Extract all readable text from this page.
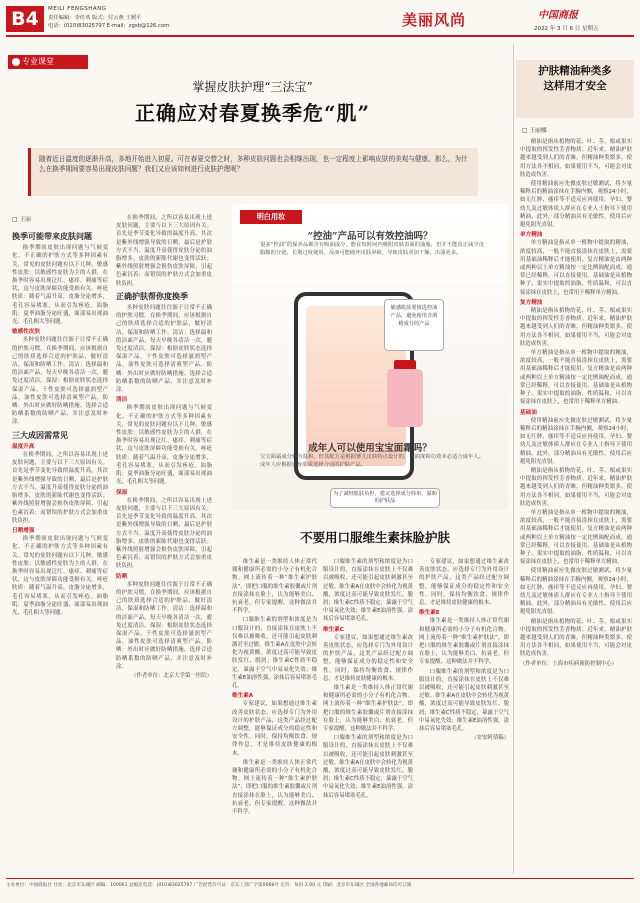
B4	MEILI FENGSHANG
责任编辑：李佳欢 版式：付云燕 王媛平
电话：(010)83025797 E-mail：zgsb@126.com	美丽风尚	中国商报
2022 年 3 月 6 日 星期五
专业课堂
掌握皮肤护理“三法宝”
正确应对春夏换季危“肌”
随着近日温度的逐渐升高，多地开始进入初夏。可在春夏交替之时，多种皮肤问题也会相继出现，也一定程度上影响皮肤的美观与健康。那么，为什么在换季期间要容易出现皮肤问题？我们又应该如何进行皮肤护理呢？
□ 王丽
换季可能带来皮肤问题

换季期间皮肤出现问题与气候变化、不正确的护肤方式等多种因素有关。常见的皮肤问题有以下几种。敏感性皮肤：以敏感性皮肤为主的人群，在换季时容易出现泛红、瘙痒、刺痛等症状，这与皮肤屏障功能受损有关。痤疮肤质：随着气温升高，皮脂分泌增多，毛孔容易堵塞，从而引发痤疮。油脂肌：夏季油脂分泌旺盛，面部易出现油光、毛孔粗大等问题。

敏感性皮肤

多种皮肤问题往往源于日常不正确的护肤习惯。在换季期间，应该根据自己的肤质选择合适的护肤品，做好清洁、保湿和防晒工作。清洁：选择温和的洁面产品，每天早晚各清洁一次，避免过度清洁。保湿：根据皮肤状态选择保湿产品，干性皮肤可选择滋润型产品，油性皮肤可选择清爽型产品。防晒：外出时应做好防晒措施，选择合适防晒系数的防晒产品，并注意及时补涂。

三大成因需常见
温度升高

在换季期间，之所以容易出现上述皮肤问题，主要与以下三大原因有关。首先是季节变化导致的温度升高，其次是紫外线增强导致的日晒，最后是护肤方式不当。温度升高使得皮肤分泌的油脂增多，皮肤的新陈代谢也变得活跃；紫外线照射增强会损伤皮肤屏障，引起色素沉着；而错误的护肤方式会加重皮肤负担。

日晒增强

换季期间皮肤出现问题与气候变化、不正确的护肤方式等多种因素有关。常见的皮肤问题有以下几种。敏感性皮肤：以敏感性皮肤为主的人群，在换季时容易出现泛红、瘙痒、刺痛等症状，这与皮肤屏障功能受损有关。痤疮肤质：随着气温升高，皮脂分泌增多，毛孔容易堵塞，从而引发痤疮。油脂肌：夏季油脂分泌旺盛，面部易出现油光、毛孔粗大等问题。

在换季期间，之所以容易出现上述皮肤问题，主要与以下三大原因有关。首先是季节变化导致的温度升高，其次是紫外线增强导致的日晒，最后是护肤方式不当。温度升高使得皮肤分泌的油脂增多，皮肤的新陈代谢也变得活跃；紫外线照射增强会损伤皮肤屏障，引起色素沉着；而错误的护肤方式会加重皮肤负担。

正确护肤帮你度换季

多种皮肤问题往往源于日常不正确的护肤习惯。在换季期间，应该根据自己的肤质选择合适的护肤品，做好清洁、保湿和防晒工作。清洁：选择温和的洁面产品，每天早晚各清洁一次，避免过度清洁。保湿：根据皮肤状态选择保湿产品，干性皮肤可选择滋润型产品，油性皮肤可选择清爽型产品。防晒：外出时应做好防晒措施，选择合适防晒系数的防晒产品，并注意及时补涂。

清洁

换季期间皮肤出现问题与气候变化、不正确的护肤方式等多种因素有关。常见的皮肤问题有以下几种。敏感性皮肤：以敏感性皮肤为主的人群，在换季时容易出现泛红、瘙痒、刺痛等症状，这与皮肤屏障功能受损有关。痤疮肤质：随着气温升高，皮脂分泌增多，毛孔容易堵塞，从而引发痤疮。油脂肌：夏季油脂分泌旺盛，面部易出现油光、毛孔粗大等问题。

保湿

在换季期间，之所以容易出现上述皮肤问题，主要与以下三大原因有关。首先是季节变化导致的温度升高，其次是紫外线增强导致的日晒，最后是护肤方式不当。温度升高使得皮肤分泌的油脂增多，皮肤的新陈代谢也变得活跃；紫外线照射增强会损伤皮肤屏障，引起色素沉着；而错误的护肤方式会加重皮肤负担。

防晒

多种皮肤问题往往源于日常不正确的护肤习惯。在换季期间，应该根据自己的肤质选择合适的护肤品，做好清洁、保湿和防晒工作。清洁：选择温和的洁面产品，每天早晚各清洁一次，避免过度清洁。保湿：根据皮肤状态选择保湿产品，干性皮肤可选择滋润型产品，油性皮肤可选择清爽型产品。防晒：外出时应做好防晒措施，选择合适防晒系数的防晒产品，并注意及时补涂。

（作者单位：北京大学第一医院）

明白用妆
“控油”产品可以有效控油吗？
很多“控油”的保养品都含有吸油成分，能在短时间内吸附皮肤表面的油脂，但并不能真正减少皮脂腺的分泌。长期过度使用，反而可能破坏皮肤屏障，导致皮肤更加干燥、出油更多。
敏感肌肤要慎选控油产品，避免使用含酒精成分的产品
成年人可以使用宝宝面霜吗？
宝宝面霜成分较为温和，但其配方是根据婴儿皮肤特点设计的，滋润度和功效未必适合成年人。成年人应根据自身肤质选择合适的护肤产品。
为了减轻肌肤负担，建议选择成分简单、温和的护肤品
不要用口服维生素抹脸护肤

维生素是一类维持人体正常代谢和健康所必需的小分子有机化合物。网上流传着一种“维生素护肤法”，即把口服的维生素胶囊或片剂直接涂抹在脸上，认为能够美白、抗衰老。但专家提醒，这种做法并不科学。

口服维生素的剂型和浓度是为口服设计的，直接涂抹在皮肤上不仅难以被吸收，还可能引起皮肤刺激甚至过敏。维生素A在皮肤中会转化为视黄酸，浓度过高可能导致皮肤发红、脱屑；维生素C性质不稳定，暴露于空气中易氧化失效；维生素E油溶性强，涂抹后容易堵塞毛孔。

维生素A

专家建议，如果想通过维生素改善皮肤状态，应选择专门为外用设计的护肤产品，这类产品经过配方调整，能够保证成分的稳定性和安全性。同时，保持均衡饮食、规律作息，才是维持皮肤健康的根本。

维生素是一类维持人体正常代谢和健康所必需的小分子有机化合物。网上流传着一种“维生素护肤法”，即把口服的维生素胶囊或片剂直接涂抹在脸上，认为能够美白、抗衰老。但专家提醒，这种做法并不科学。

口服维生素的剂型和浓度是为口服设计的，直接涂抹在皮肤上不仅难以被吸收，还可能引起皮肤刺激甚至过敏。维生素A在皮肤中会转化为视黄酸，浓度过高可能导致皮肤发红、脱屑；维生素C性质不稳定，暴露于空气中易氧化失效；维生素E油溶性强，涂抹后容易堵塞毛孔。

维生素C

专家建议，如果想通过维生素改善皮肤状态，应选择专门为外用设计的护肤产品，这类产品经过配方调整，能够保证成分的稳定性和安全性。同时，保持均衡饮食、规律作息，才是维持皮肤健康的根本。

维生素是一类维持人体正常代谢和健康所必需的小分子有机化合物。网上流传着一种“维生素护肤法”，即把口服的维生素胶囊或片剂直接涂抹在脸上，认为能够美白、抗衰老。但专家提醒，这种做法并不科学。

口服维生素的剂型和浓度是为口服设计的，直接涂抹在皮肤上不仅难以被吸收，还可能引起皮肤刺激甚至过敏。维生素A在皮肤中会转化为视黄酸，浓度过高可能导致皮肤发红、脱屑；维生素C性质不稳定，暴露于空气中易氧化失效；维生素E油溶性强，涂抹后容易堵塞毛孔。

专家建议，如果想通过维生素改善皮肤状态，应选择专门为外用设计的护肤产品，这类产品经过配方调整，能够保证成分的稳定性和安全性。同时，保持均衡饮食、规律作息，才是维持皮肤健康的根本。

维生素E

维生素是一类维持人体正常代谢和健康所必需的小分子有机化合物。网上流传着一种“维生素护肤法”，即把口服的维生素胶囊或片剂直接涂抹在脸上，认为能够美白、抗衰老。但专家提醒，这种做法并不科学。

口服维生素的剂型和浓度是为口服设计的，直接涂抹在皮肤上不仅难以被吸收，还可能引起皮肤刺激甚至过敏。维生素A在皮肤中会转化为视黄酸，浓度过高可能导致皮肤发红、脱屑；维生素C性质不稳定，暴露于空气中易氧化失效；维生素E油溶性强，涂抹后容易堵塞毛孔。

（安安阿倩稿）

护肤精油种类多
这样用才安全
□ 王丽娜

精油是指从植物的花、叶、茎、根或果实中提取的挥发性芳香物质。近年来，精油护肤越来越受到人们的青睐，但精油种类繁多，使用方法各不相同，如果使用不当，可能会对皮肤造成伤害。

使用精油前应先做皮肤过敏测试，将少量稀释后的精油涂抹在手腕内侧，观察24小时，如无红肿、瘙痒等不适反应再使用。孕妇、婴幼儿及过敏体质人群应在专业人士指导下使用精油。此外，部分精油具有光敏性，使用后应避免阳光直射。

单方精油

单方精油是指从单一植物中提取的精油，浓度较高，一般不能直接涂抹在皮肤上，需要用基础油稀释后才能使用。复方精油是由两种或两种以上单方精油按一定比例调配而成，通常已经稀释，可以直接使用。基础油是从植物种子、果实中提取的油脂，性质温和，可以直接涂抹在皮肤上，也常用于稀释单方精油。

复方精油

精油是指从植物的花、叶、茎、根或果实中提取的挥发性芳香物质。近年来，精油护肤越来越受到人们的青睐，但精油种类繁多，使用方法各不相同，如果使用不当，可能会对皮肤造成伤害。

单方精油是指从单一植物中提取的精油，浓度较高，一般不能直接涂抹在皮肤上，需要用基础油稀释后才能使用。复方精油是由两种或两种以上单方精油按一定比例调配而成，通常已经稀释，可以直接使用。基础油是从植物种子、果实中提取的油脂，性质温和，可以直接涂抹在皮肤上，也常用于稀释单方精油。

基础油

使用精油前应先做皮肤过敏测试，将少量稀释后的精油涂抹在手腕内侧，观察24小时，如无红肿、瘙痒等不适反应再使用。孕妇、婴幼儿及过敏体质人群应在专业人士指导下使用精油。此外，部分精油具有光敏性，使用后应避免阳光直射。

精油是指从植物的花、叶、茎、根或果实中提取的挥发性芳香物质。近年来，精油护肤越来越受到人们的青睐，但精油种类繁多，使用方法各不相同，如果使用不当，可能会对皮肤造成伤害。

单方精油是指从单一植物中提取的精油，浓度较高，一般不能直接涂抹在皮肤上，需要用基础油稀释后才能使用。复方精油是由两种或两种以上单方精油按一定比例调配而成，通常已经稀释，可以直接使用。基础油是从植物种子、果实中提取的油脂，性质温和，可以直接涂抹在皮肤上，也常用于稀释单方精油。

使用精油前应先做皮肤过敏测试，将少量稀释后的精油涂抹在手腕内侧，观察24小时，如无红肿、瘙痒等不适反应再使用。孕妇、婴幼儿及过敏体质人群应在专业人士指导下使用精油。此外，部分精油具有光敏性，使用后应避免阳光直射。

精油是指从植物的花、叶、茎、根或果实中提取的挥发性芳香物质。近年来，精油护肤越来越受到人们的青睐，但精油种类繁多，使用方法各不相同，如果使用不当，可能会对皮肤造成伤害。

（作者单位：上海市疾病预防控制中心）

主办单位：中国商报社 社址：北京市东城区 邮编：100061 总编室电话：(010)83025797 广告经营许可证：京东工商广字第0068号 定价：每份 2.00 元 印刷：北京市东城区 全国各地邮局均可订阅
